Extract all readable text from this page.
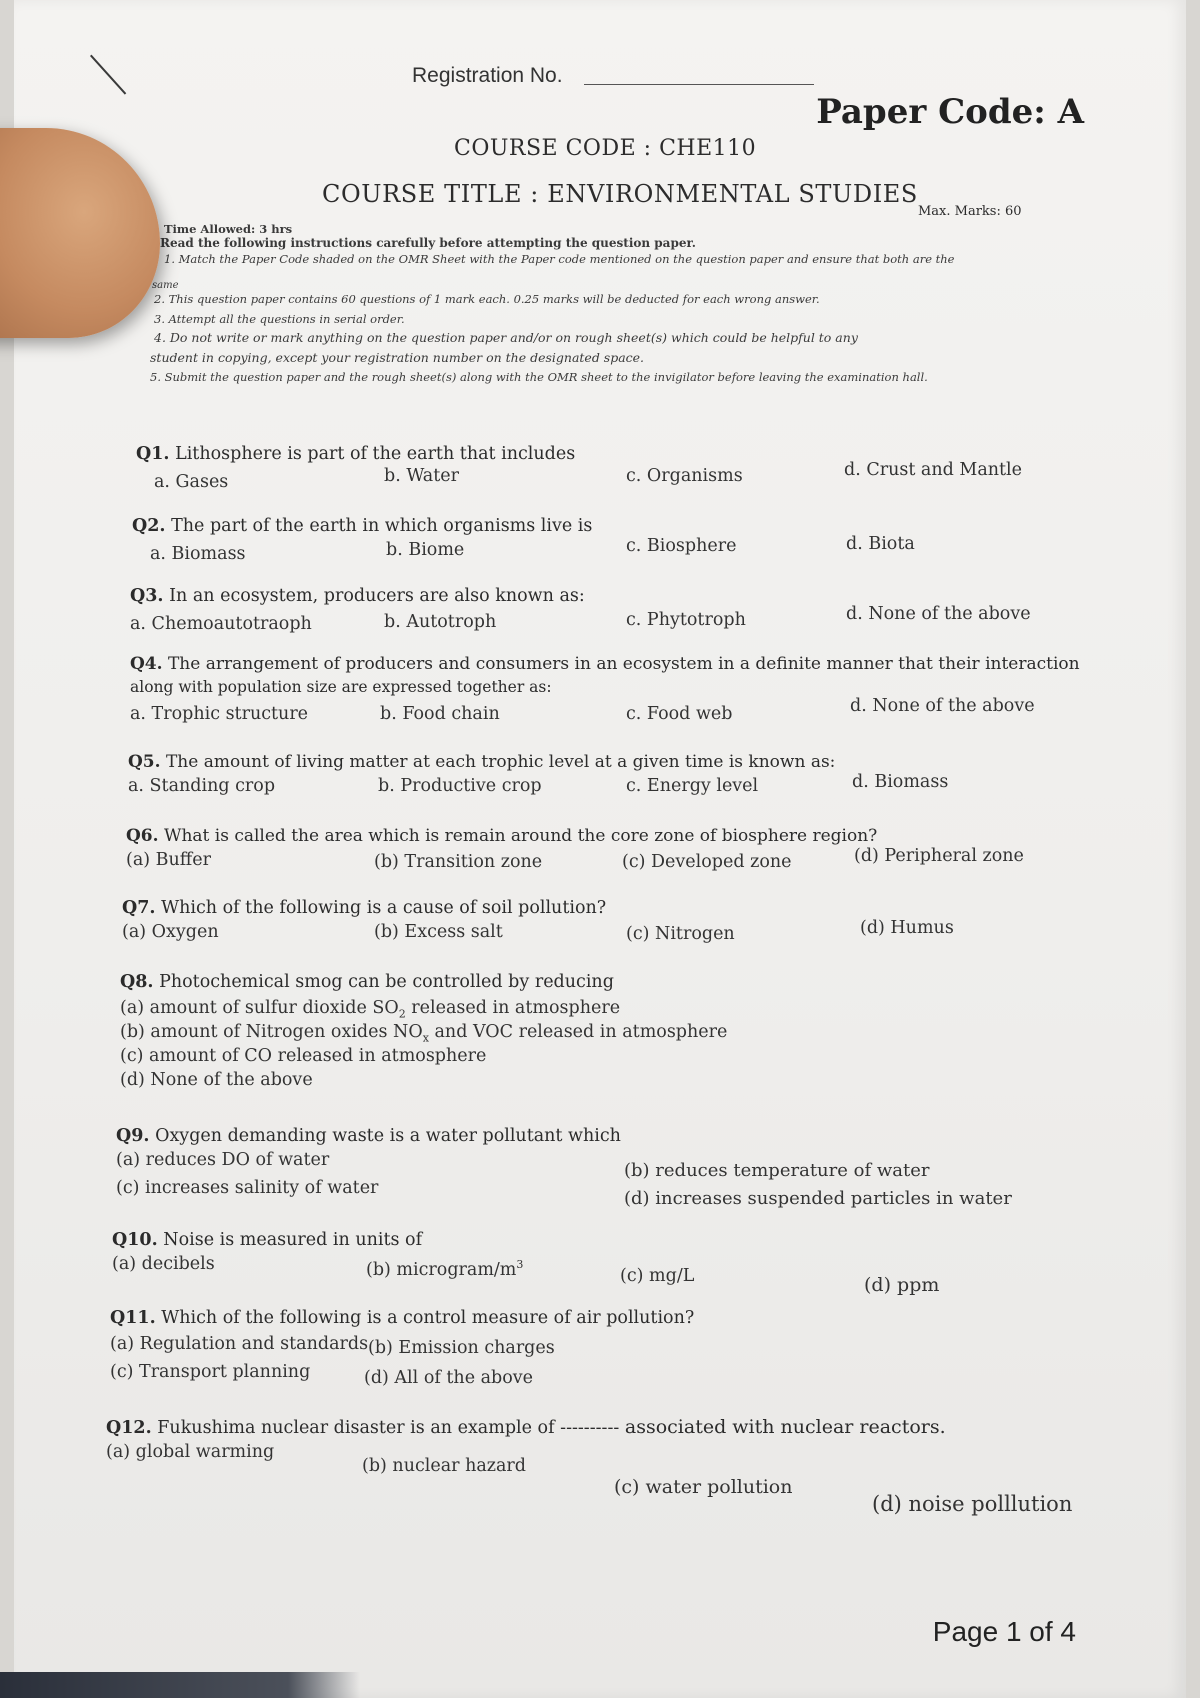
Registration No.
Paper Code: A
COURSE CODE : CHE110
COURSE TITLE : ENVIRONMENTAL STUDIES
Max. Marks: 60
Time Allowed: 3 hrs
Read the following instructions carefully before attempting the question paper.
1. Match the Paper Code shaded on the OMR Sheet with the Paper code mentioned on the question paper and ensure that both are the
same
2. This question paper contains 60 questions of 1 mark each. 0.25 marks will be deducted for each wrong answer.
3. Attempt all the questions in serial order.
4. Do not write or mark anything on the question paper and/or on rough sheet(s) which could be helpful to any
student in copying, except your registration number on the designated space.
5. Submit the question paper and the rough sheet(s) along with the OMR sheet to the invigilator before leaving the examination hall.
Q1. Lithosphere is part of the earth that includes
a. Gases	b. Water	c. Organisms	d. Crust and Mantle
Q2. The part of the earth in which organisms live is
a. Biomass	b. Biome	c. Biosphere	d. Biota
Q3. In an ecosystem, producers are also known as:
a. Chemoautotraoph	b. Autotroph	c. Phytotroph	d. None of the above
Q4. The arrangement of producers and consumers in an ecosystem in a definite manner that their interaction
along with population size are expressed together as:
a. Trophic structure	b. Food chain	c. Food web	d. None of the above
Q5. The amount of living matter at each trophic level at a given time is known as:
a. Standing crop	b. Productive crop	c. Energy level	d. Biomass
Q6. What is called the area which is remain around the core zone of biosphere region?
(a) Buffer	(b) Transition zone	(c) Developed zone	(d) Peripheral zone
Q7. Which of the following is a cause of soil pollution?
(a) Oxygen	(b) Excess salt	(c) Nitrogen	(d) Humus
Q8. Photochemical smog can be controlled by reducing
(a) amount of sulfur dioxide $SO_2$ released in atmosphere
(b) amount of Nitrogen oxides $NO_x$ and VOC released in atmosphere
(c) amount of CO released in atmosphere
(d) None of the above
Q9. Oxygen demanding waste is a water pollutant which
(a) reduces DO of water	(b) reduces temperature of water
(c) increases salinity of water	(d) increases suspended particles in water
Q10. Noise is measured in units of
(a) decibels	(b) microgram/$m^3$
(c) mg/L	(d) ppm
Q11. Which of the following is a control measure of air pollution?
(a) Regulation and standards (b) Emission charges
(c) Transport planning	(d) All of the above
Q12. Fukushima nuclear disaster is an example of ---------- associated with nuclear reactors.
(a) global warming
(b) nuclear hazard
(c) water pollution
(d) noise polllution
Page 1 of 4
